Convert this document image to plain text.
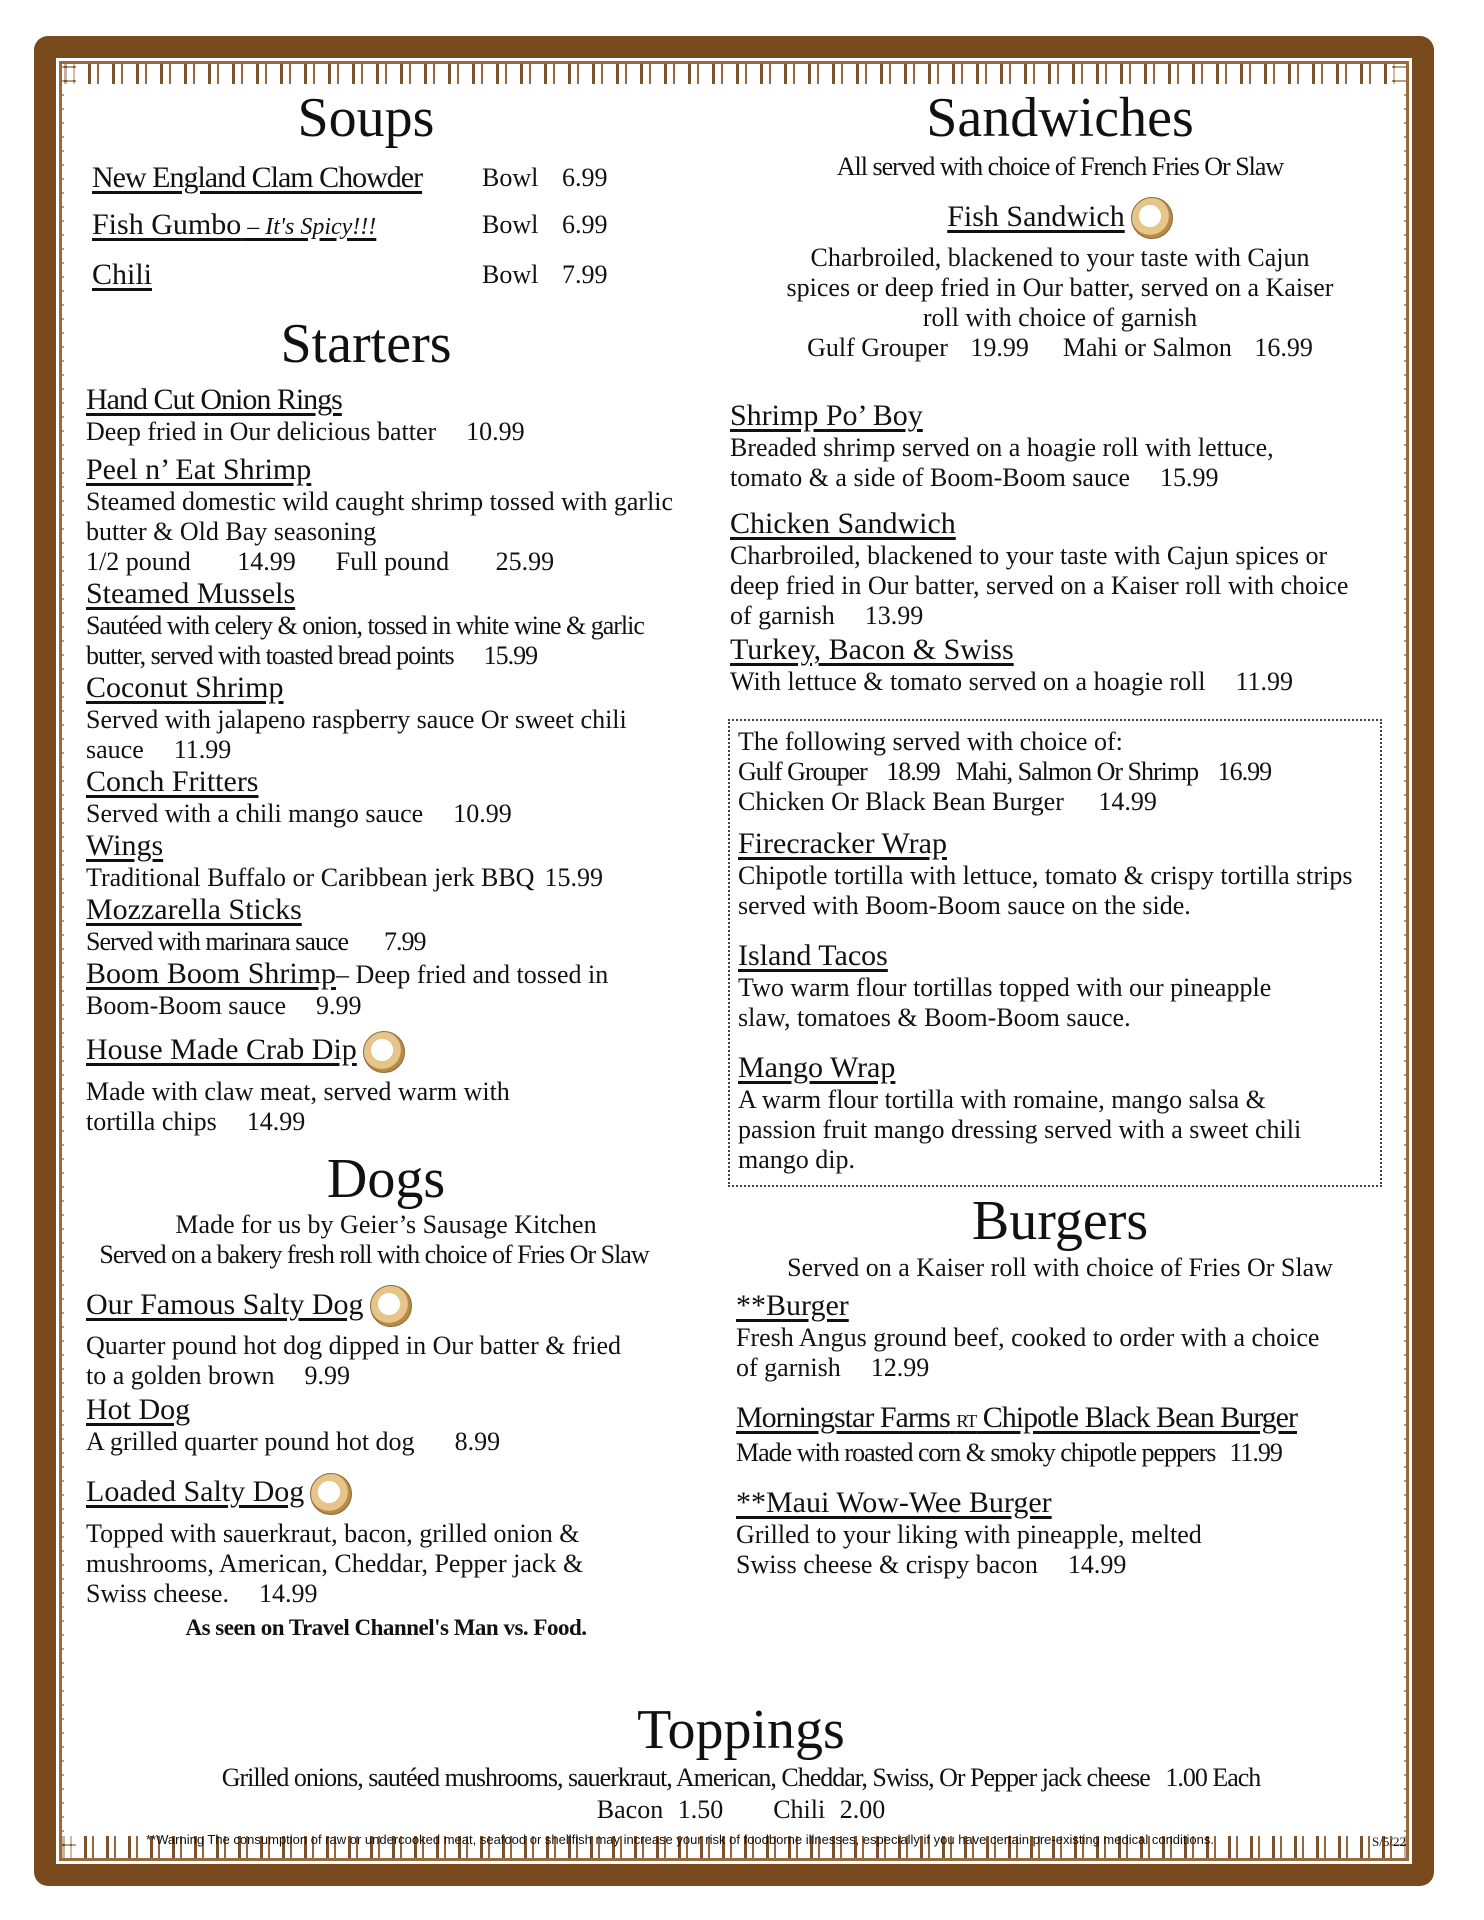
Soups
New England Clam Chowder	Bowl 6.99
Fish Gumbo – It's Spicy!!!	Bowl 6.99
Chili	Bowl 7.99
Starters
Hand Cut Onion Rings
Deep fried in Our delicious batter 10.99
Peel n’ Eat Shrimp
Steamed domestic wild caught shrimp tossed with garlic butter & Old Bay seasoning
1/2 pound 14.99 Full pound 25.99
Steamed Mussels
Sautéed with celery & onion, tossed in white wine & garlic butter, served with toasted bread points 15.99
Coconut Shrimp
Served with jalapeno raspberry sauce Or sweet chili sauce 11.99
Conch Fritters
Served with a chili mango sauce 10.99
Wings
Traditional Buffalo or Caribbean jerk BBQ 15.99
Mozzarella Sticks
Served with marinara sauce 7.99
Boom Boom Shrimp– Deep fried and tossed in Boom-Boom sauce 9.99
House Made Crab Dip
Made with claw meat, served warm with tortilla chips 14.99
Dogs
Made for us by Geier’s Sausage Kitchen
Served on a bakery fresh roll with choice of Fries Or Slaw
Our Famous Salty Dog
Quarter pound hot dog dipped in Our batter & fried to a golden brown 9.99
Hot Dog
A grilled quarter pound hot dog 8.99
Loaded Salty Dog
Topped with sauerkraut, bacon, grilled onion & mushrooms, American, Cheddar, Pepper jack & Swiss cheese. 14.99
As seen on Travel Channel's Man vs. Food.
Sandwiches
All served with choice of French Fries Or Slaw
Fish Sandwich
Charbroiled, blackened to your taste with Cajun spices or deep fried in Our batter, served on a Kaiser roll with choice of garnish
Gulf Grouper 19.99 Mahi or Salmon 16.99
Shrimp Po’ Boy
Breaded shrimp served on a hoagie roll with lettuce, tomato & a side of Boom-Boom sauce 15.99
Chicken Sandwich
Charbroiled, blackened to your taste with Cajun spices or deep fried in Our batter, served on a Kaiser roll with choice of garnish 13.99
Turkey, Bacon & Swiss
With lettuce & tomato served on a hoagie roll 11.99
The following served with choice of:
Gulf Grouper 18.99 Mahi, Salmon Or Shrimp 16.99
Chicken Or Black Bean Burger 14.99
Firecracker Wrap
Chipotle tortilla with lettuce, tomato & crispy tortilla strips served with Boom-Boom sauce on the side.
Island Tacos
Two warm flour tortillas topped with our pineapple slaw, tomatoes & Boom-Boom sauce.
Mango Wrap
A warm flour tortilla with romaine, mango salsa & passion fruit mango dressing served with a sweet chili mango dip.
Burgers
Served on a Kaiser roll with choice of Fries Or Slaw
**Burger
Fresh Angus ground beef, cooked to order with a choice of garnish 12.99
Morningstar Farms RT Chipotle Black Bean Burger
Made with roasted corn & smoky chipotle peppers 11.99
**Maui Wow-Wee Burger
Grilled to your liking with pineapple, melted Swiss cheese & crispy bacon 14.99
Toppings
Grilled onions, sautéed mushrooms, sauerkraut, American, Cheddar, Swiss, Or Pepper jack cheese 1.00 Each
Bacon 1.50 Chili 2.00
**Warning The consumption of raw or undercooked meat, seafood or shellfish may increase your risk of foodborne illnesses, especially if you have certain pre-existing medical conditions.	S/5/22
